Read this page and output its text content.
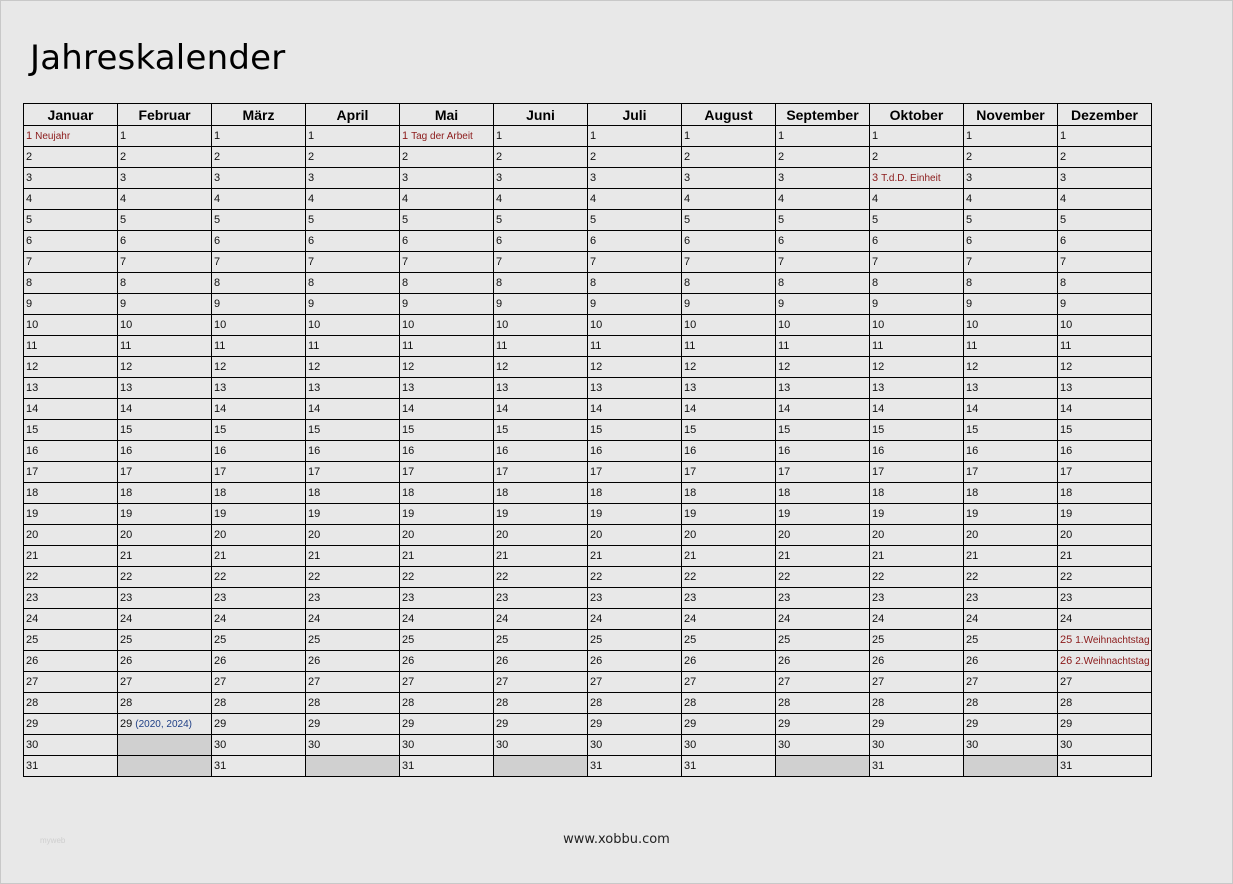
Jahreskalender
Januar	Februar	März	April	Mai	Juni	Juli	August	September	Oktober	November	Dezember
1 Neujahr	1	1	1	1 Tag der Arbeit	1	1	1	1	1	1	1
2	2	2	2	2	2	2	2	2	2	2	2
3	3	3	3	3	3	3	3	3	3 T.d.D. Einheit	3	3
4	4	4	4	4	4	4	4	4	4	4	4
5	5	5	5	5	5	5	5	5	5	5	5
6	6	6	6	6	6	6	6	6	6	6	6
7	7	7	7	7	7	7	7	7	7	7	7
8	8	8	8	8	8	8	8	8	8	8	8
9	9	9	9	9	9	9	9	9	9	9	9
10	10	10	10	10	10	10	10	10	10	10	10
11	11	11	11	11	11	11	11	11	11	11	11
12	12	12	12	12	12	12	12	12	12	12	12
13	13	13	13	13	13	13	13	13	13	13	13
14	14	14	14	14	14	14	14	14	14	14	14
15	15	15	15	15	15	15	15	15	15	15	15
16	16	16	16	16	16	16	16	16	16	16	16
17	17	17	17	17	17	17	17	17	17	17	17
18	18	18	18	18	18	18	18	18	18	18	18
19	19	19	19	19	19	19	19	19	19	19	19
20	20	20	20	20	20	20	20	20	20	20	20
21	21	21	21	21	21	21	21	21	21	21	21
22	22	22	22	22	22	22	22	22	22	22	22
23	23	23	23	23	23	23	23	23	23	23	23
24	24	24	24	24	24	24	24	24	24	24	24
25	25	25	25	25	25	25	25	25	25	25	25 1.Weihnachtstag
26	26	26	26	26	26	26	26	26	26	26	26 2.Weihnachtstag
27	27	27	27	27	27	27	27	27	27	27	27
28	28	28	28	28	28	28	28	28	28	28	28
29	29 (2020, 2024)	29	29	29	29	29	29	29	29	29	29
30		30	30	30	30	30	30	30	30	30	30
31		31		31		31	31		31		31
www.xobbu.com
myweb
